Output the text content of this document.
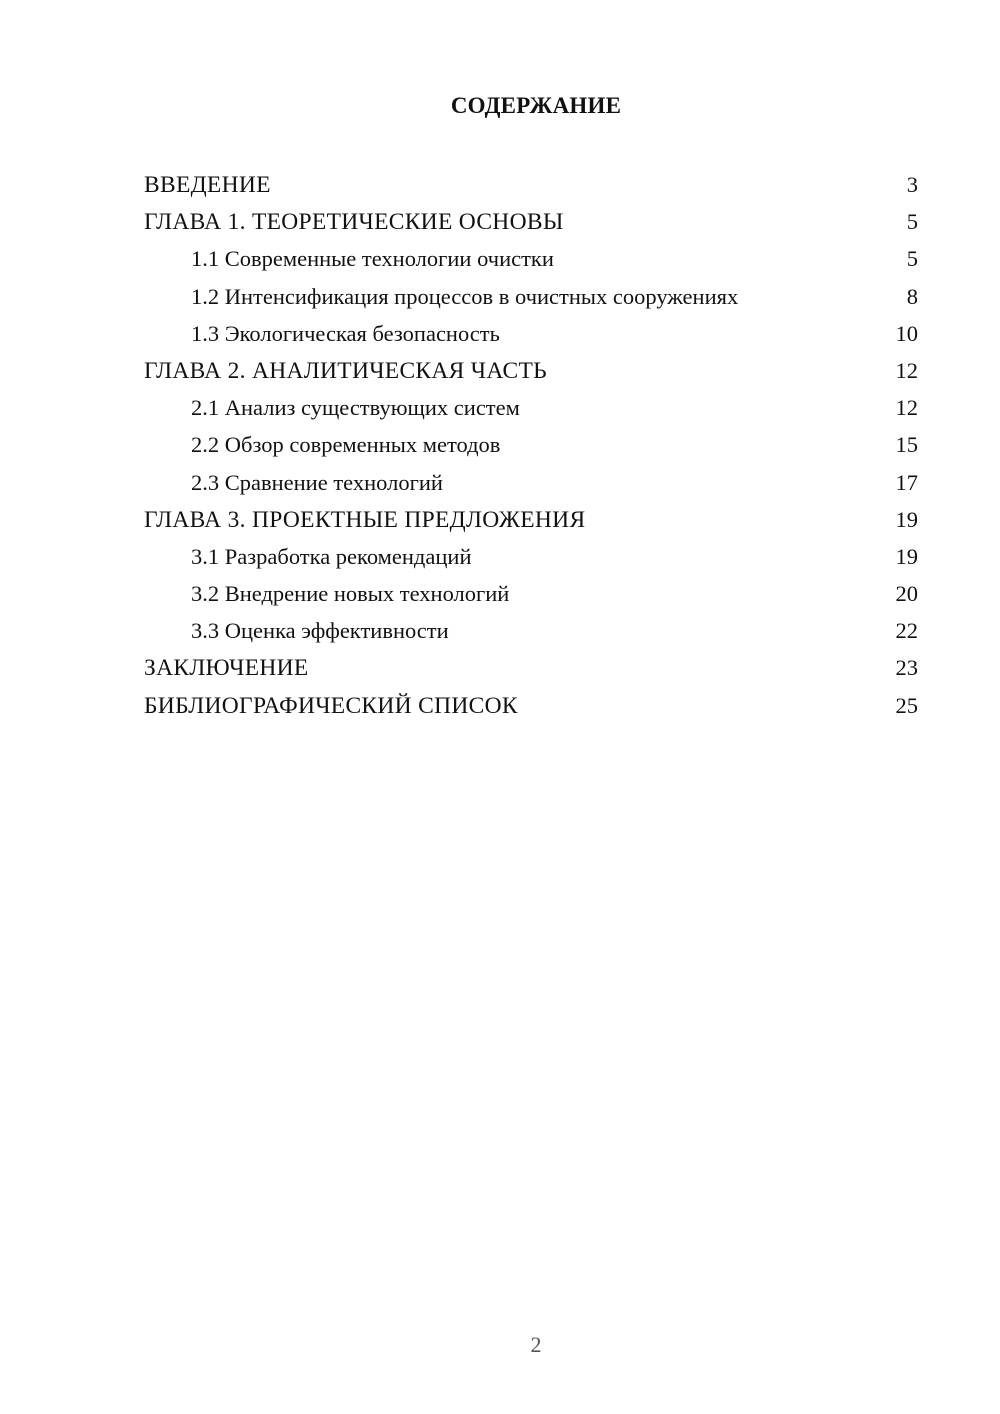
СОДЕРЖАНИЕ
ВВЕДЕНИЕ	3
ГЛАВА 1. ТЕОРЕТИЧЕСКИЕ ОСНОВЫ	5
1.1 Современные технологии очистки	5
1.2 Интенсификация процессов в очистных сооружениях	8
1.3 Экологическая безопасность	10
ГЛАВА 2. АНАЛИТИЧЕСКАЯ ЧАСТЬ	12
2.1 Анализ существующих систем	12
2.2 Обзор современных методов	15
2.3 Сравнение технологий	17
ГЛАВА 3. ПРОЕКТНЫЕ ПРЕДЛОЖЕНИЯ	19
3.1 Разработка рекомендаций	19
3.2 Внедрение новых технологий	20
3.3 Оценка эффективности	22
ЗАКЛЮЧЕНИЕ	23
БИБЛИОГРАФИЧЕСКИЙ СПИСОК	25
2
